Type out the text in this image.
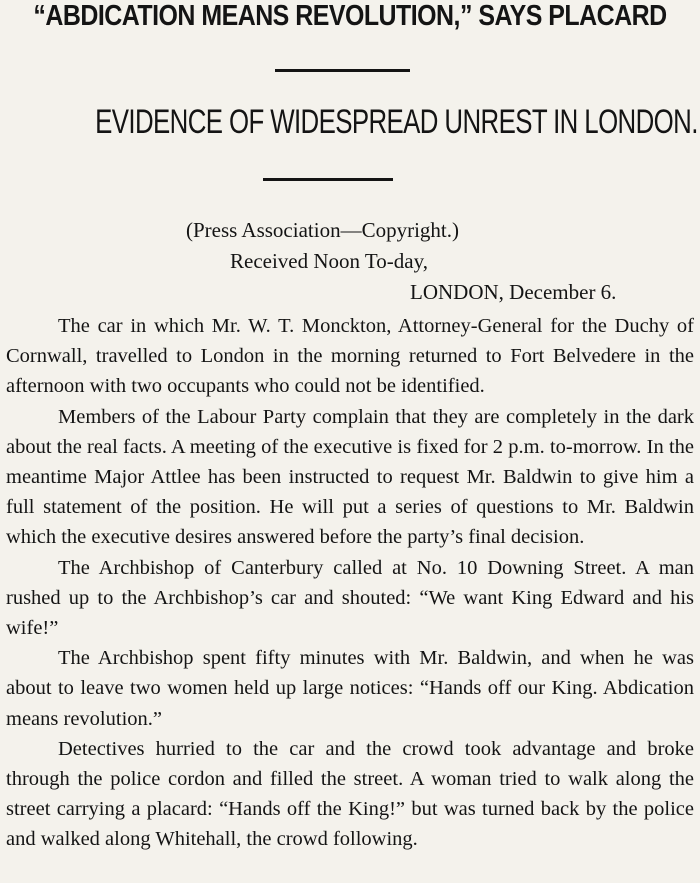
“ABDICATION MEANS REVOLUTION,” SAYS PLACARD
EVIDENCE OF WIDESPREAD UNREST IN LONDON.
(Press Association—Copyright.)
Received Noon To-day,
LONDON, December 6.

The car in which Mr. W. T. Monckton, Attorney-General for the Duchy of Cornwall, travelled to London in the morning returned to Fort Belvedere in the afternoon with two occupants who could not be identified.

Members of the Labour Party complain that they are completely in the dark about the real facts. A meeting of the executive is fixed for 2 p.m. to-morrow. In the meantime Major Attlee has been instructed to request Mr. Baldwin to give him a full statement of the position. He will put a series of questions to Mr. Baldwin which the executive desires answered before the party’s final decision.

The Archbishop of Canterbury called at No. 10 Downing Street. A man rushed up to the Archbishop’s car and shouted: “We want King Edward and his wife!”

The Archbishop spent fifty minutes with Mr. Baldwin, and when he was about to leave two women held up large notices: “Hands off our King. Abdication means revolution.”

Detectives hurried to the car and the crowd took advantage and broke through the police cordon and filled the street. A woman tried to walk along the street carrying a placard: “Hands off the King!” but was turned back by the police and walked along Whitehall, the crowd following.
